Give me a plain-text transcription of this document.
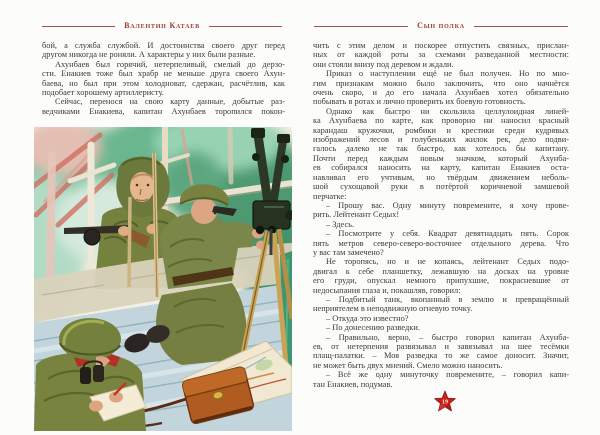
Валентин Катаев
бой, а служба службой. И достоинства своего друг перед
другом никогда не роняли. А характеры у них были разные.
Ахунбаев был горячий, нетерпеливый, смелый до дерзо-
сти. Енакиев тоже был храбр не меньше друга своего Ахун-
баева, но был при этом холодноват, сдержан, расчётлив, как
подобает хорошему артиллеристу.
Сейчас, перенося на свою карту данные, добытые раз-
ведчиками Енакиева, капитан Ахунбаев торопился покон-
Сын полка
чить с этим делом и поскорее отпустить связных, прислан-
ных от каждой роты за схемами разведанной местности:
они стояли внизу под деревом и ждали.
Приказ о наступлении ещё не был получен. Но по мно-
гим признакам можно было заключить, что оно начнётся
очень скоро, и до его начала Ахунбаев хотел обязательно
побывать в ротах и лично проверить их боевую готовность.
Однако как быстро ни скользила целлулоидная линей-
ка Ахунбаева по карте, как проворно ни наносил красный
карандаш кружочки, ромбики и крестики среди кудрявых
изображений лесов и голубеньких жилок рек, дело подви-
галось далеко не так быстро, как хотелось бы капитану.
Почти перед каждым новым значком, который Ахунба-
ев собирался наносить на карту, капитан Енакиев оста-
навливал его учтивым, но твёрдым движением неболь-
шой сухощавой руки в потёртой коричневой замшевой
перчатке:
– Прошу вас. Одну минуту повремените, я хочу прове-
рить. Лейтенант Седых!
– Здесь.
– Посмотрите у себя. Квадрат девятнадцать пять. Сорок
пять метров северо-северо-восточнее отдельного дерева. Что
у вас там замечено?
Не торопясь, но и не копаясь, лейтенант Седых подо-
двигал к себе планшетку, лежавшую на досках на уровне
его груди, опускал немного припухшие, покрасневшие от
недосыпания глаза и, покашляв, говорил:
– Подбитый танк, вкопанный в землю и превращённый
неприятелем в неподвижную огневую точку.
– Откуда это известно?
– По донесению разведки.
– Правильно, верно, – быстро говорил капитан Ахунба-
ев, от нетерпения развязывал и завязывал на шее тесёмки
плащ-палатки. – Моя разведка то же самое доносит. Значит,
не может быть двух мнений. Смело можно наносить.
– Всё же одну минуточку повремените, – говорил капи-
тан Енакиев, подумав.
19
